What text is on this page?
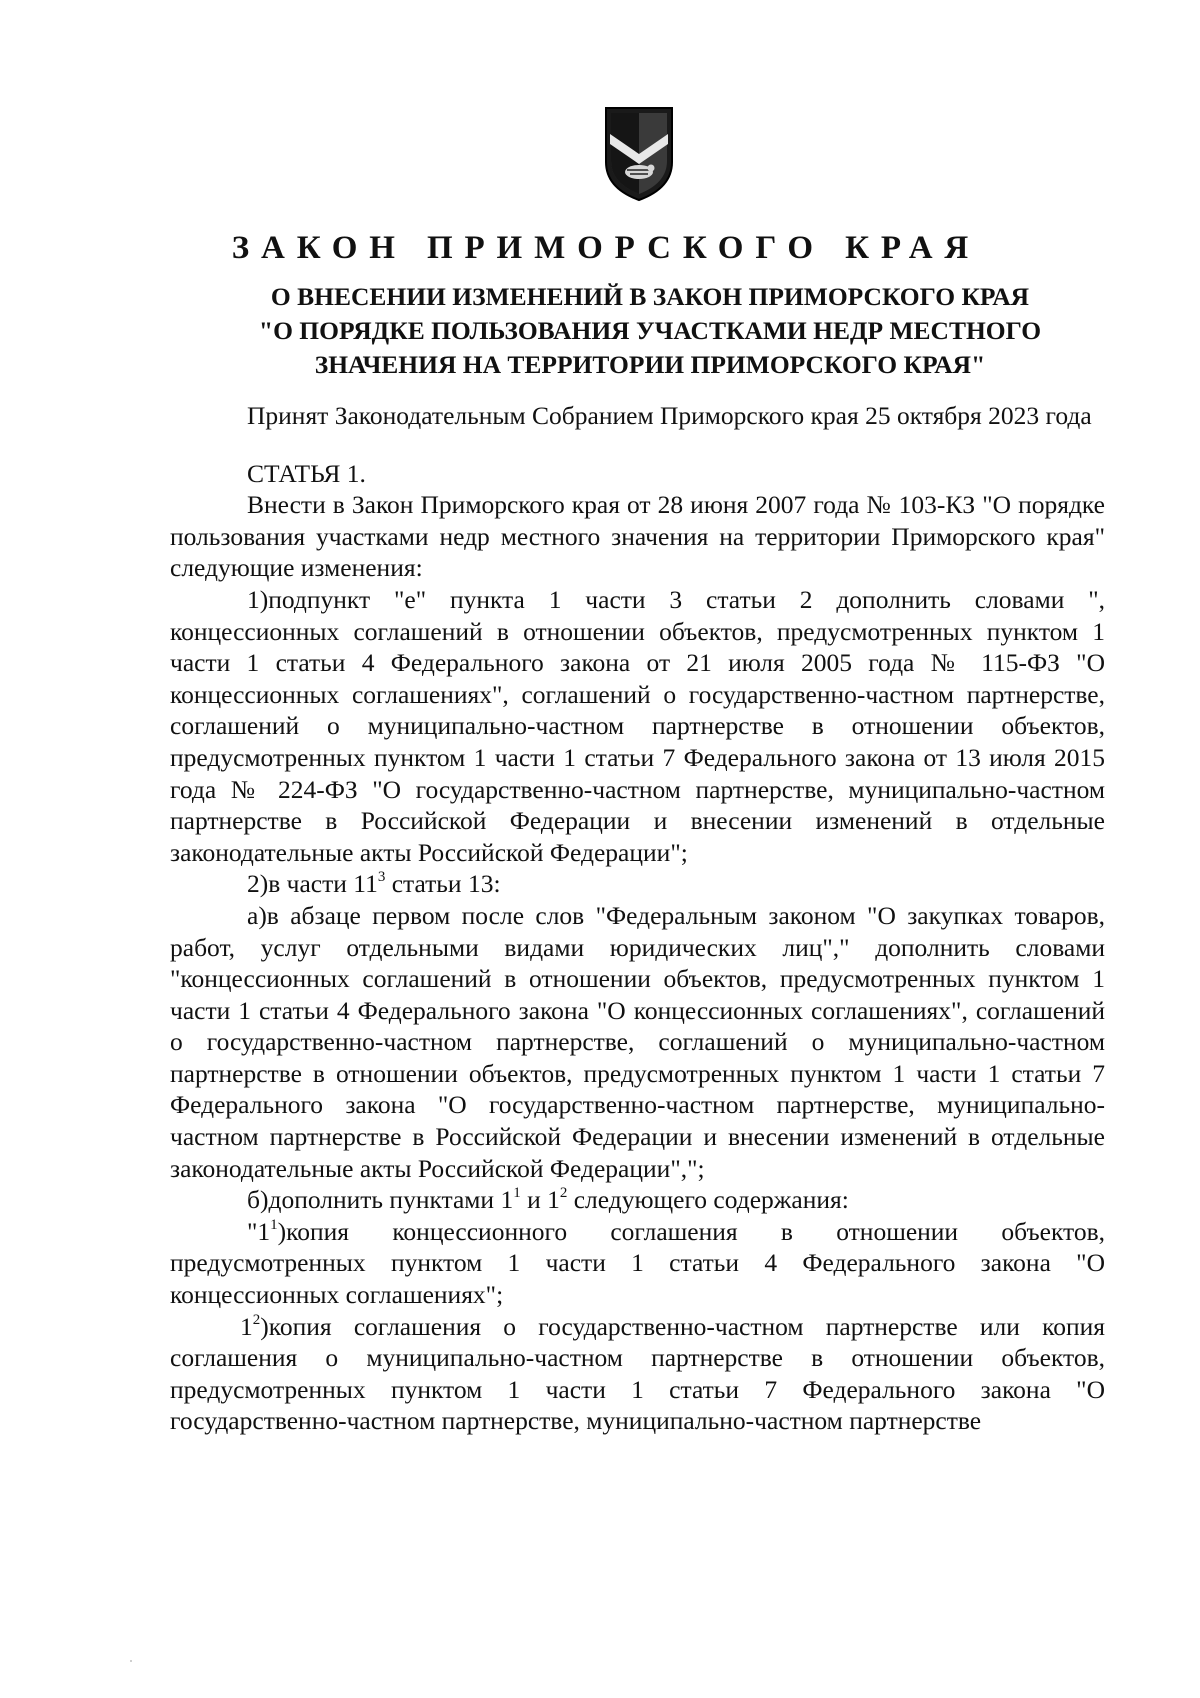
ЗАКОН ПРИМОРСКОГО КРАЯ
О ВНЕСЕНИИ ИЗМЕНЕНИЙ В ЗАКОН ПРИМОРСКОГО КРАЯ
"О ПОРЯДКЕ ПОЛЬЗОВАНИЯ УЧАСТКАМИ НЕДР МЕСТНОГО
ЗНАЧЕНИЯ НА ТЕРРИТОРИИ ПРИМОРСКОГО КРАЯ"

Принят Законодательным Собранием Приморского края 25 октября 2023 года

СТАТЬЯ 1.

Внести в Закон Приморского края от 28 июня 2007 года № 103-КЗ "О порядке пользования участками недр местного значения на территории Приморского края" следующие изменения:

1)подпункт "е" пункта 1 части 3 статьи 2 дополнить словами ", концессионных соглашений в отношении объектов, предусмотренных пунктом 1 части 1 статьи 4 Федерального закона от 21 июля 2005 года № 115-ФЗ "О концессионных соглашениях", соглашений о государственно-частном партнерстве, соглашений о муниципально-частном партнерстве в отношении объектов, предусмотренных пунктом 1 части 1 статьи 7 Федерального закона от 13 июля 2015 года № 224-ФЗ "О государственно-частном партнерстве, муниципально-частном партнерстве в Российской Федерации и внесении изменений в отдельные законодательные акты Российской Федерации";

2)в части $11^3$ статьи 13:

а)в абзаце первом после слов "Федеральным законом "О закупках товаров, работ, услуг отдельными видами юридических лиц"," дополнить словами "концессионных соглашений в отношении объектов, предусмотренных пунктом 1 части 1 статьи 4 Федерального закона "О концессионных соглашениях", соглашений о государственно-частном партнерстве, соглашений о муниципально-частном партнерстве в отношении объектов, предусмотренных пунктом 1 части 1 статьи 7 Федерального закона "О государственно-частном партнерстве, муниципально-частном партнерстве в Российской Федерации и внесении изменений в отдельные законодательные акты Российской Федерации",";

б)дополнить пунктами $1^1$ и $1^2$ следующего содержания:

"$1^1)копия$ концессионного соглашения в отношении объектов, предусмотренных пунктом 1 части 1 статьи 4 Федерального закона "О концессионных соглашениях";

$1^2)копия$ соглашения о государственно-частном партнерстве или копия соглашения о муниципально-частном партнерстве в отношении объектов, предусмотренных пунктом 1 части 1 статьи 7 Федерального закона "О государственно-частном партнерстве, муниципально-частном партнерстве
